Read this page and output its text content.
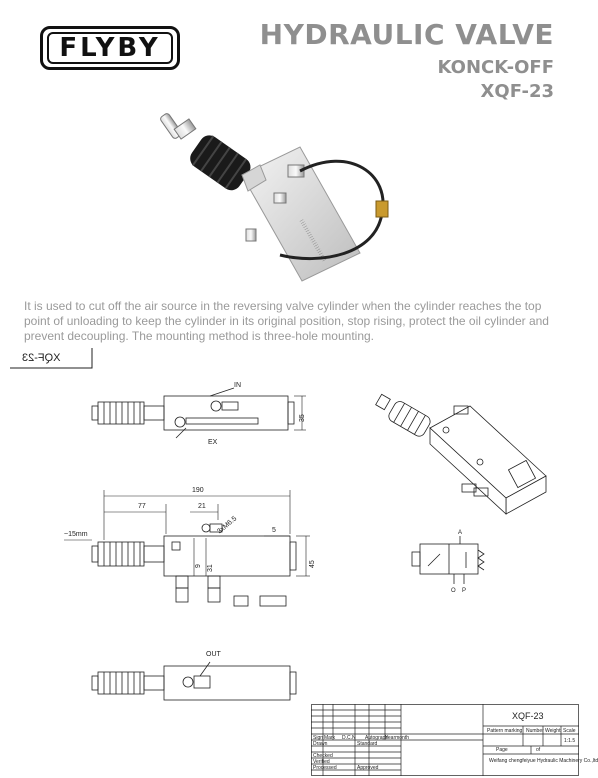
FLYBY	HYDRAULIC VALVE
KONCK-OFF
XQF-23
||||||||||||||||||||
It is used to cut off the air source in the reversing valve cylinder when the cylinder reaches the top point of unloading to keep the cylinder in its original position, stop rising, protect the oil cylinder and prevent decoupling. The mounting method is three-hole mounting.
XQF-23
IN
EX
35
190
77	21
3xM6.5	5
~15mm
45
9 31
OUT
A
O P
XQF-23
Pattern marking Number Weight Scale
1:1.5
Page	of
Weifang chengfeiyue Hydraulic Machinery Co.,ltd
Sign Mark D.C.N Autograph
Yearmonth
Drawn	Standard
Checked
Verified
Processed	Approved
